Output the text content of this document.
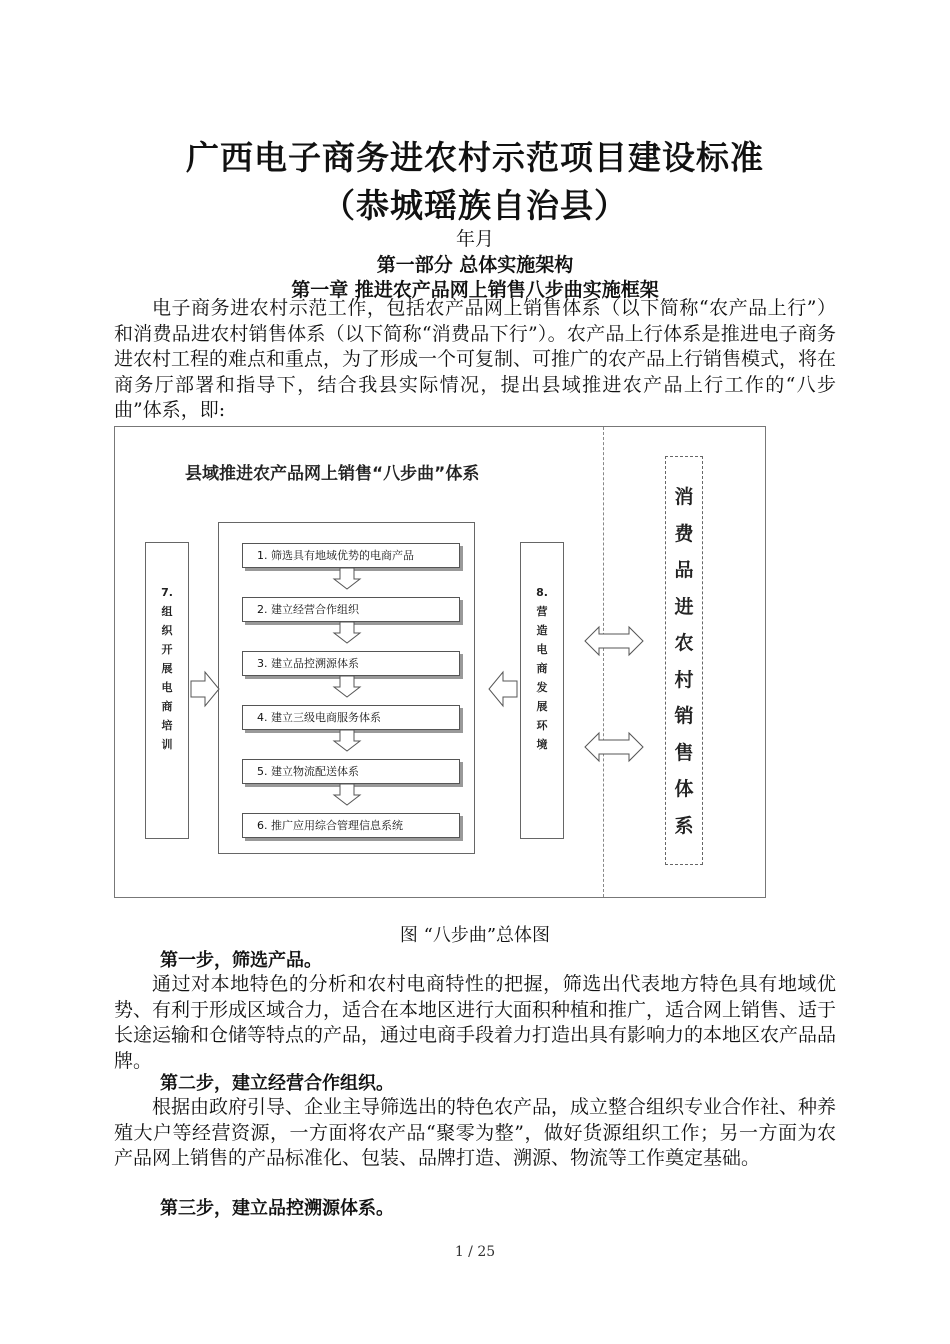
广西电子商务进农村示范项目建设标准
（恭城瑶族自治县）
年月
第一部分 总体实施架构
第一章 推进农产品网上销售八步曲实施框架

电子商务进农村示范工作，包括农产品网上销售体系（以下简称“农产品上行”）和消费品进农村销售体系（以下简称“消费品下行”）。农产品上行体系是推进电子商务进农村工程的难点和重点，为了形成一个可复制、可推广的农产品上行销售模式，将在商务厅部署和指导下，结合我县实际情况，提出县域推进农产品上行工作的“八步曲”体系，即:

县域推进农产品网上销售“八步曲”体系
7.
组
织
开
展
电
商
培
训
1. 筛选具有地域优势的电商产品
2. 建立经营合作组织
3. 建立品控溯源体系
4. 建立三级电商服务体系
5. 建立物流配送体系
6. 推广应用综合管理信息系统
8.
营
造
电
商
发
展
环
境
消
费
品
进
农
村
销
售
体
系
图 “八步曲”总体图
第一步，筛选产品。

通过对本地特色的分析和农村电商特性的把握，筛选出代表地方特色具有地域优势、有利于形成区域合力，适合在本地区进行大面积种植和推广，适合网上销售、适于长途运输和仓储等特点的产品，通过电商手段着力打造出具有影响力的本地区农产品品牌。

第二步，建立经营合作组织。

根据由政府引导、企业主导筛选出的特色农产品，成立整合组织专业合作社、种养殖大户等经营资源，一方面将农产品“聚零为整”，做好货源组织工作；另一方面为农产品网上销售的产品标准化、包装、品牌打造、溯源、物流等工作奠定基础。

第三步，建立品控溯源体系。
1 / 25
